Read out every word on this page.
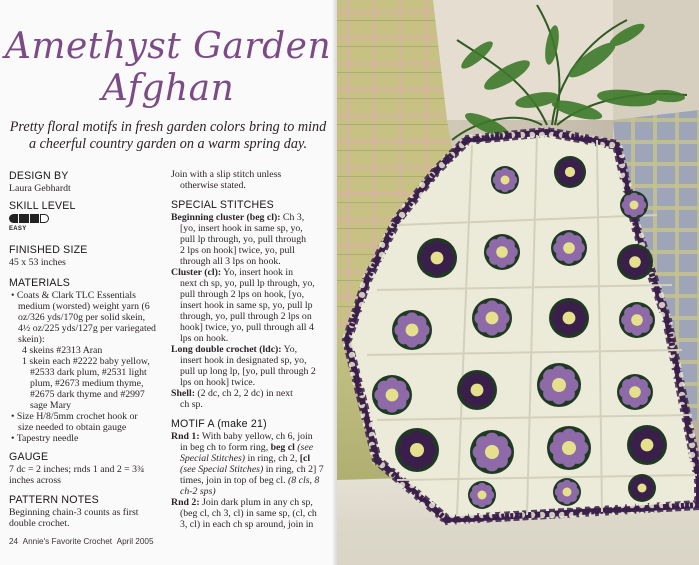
Amethyst Garden
Afghan
Pretty floral motifs in fresh garden colors bring to mind
a cheerful country garden on a warm spring day.
DESIGN BY
Laura Gebhardt
SKILL LEVEL
EASY
FINISHED SIZE
45 x 53 inches
MATERIALS
• Coats & Clark TLC Essentials
medium (worsted) weight yarn (6
oz/326 yds/170g per solid skein,
4½ oz/225 yds/127g per variegated
skein):
4 skeins #2313 Aran
1 skein each #2222 baby yellow,
#2533 dark plum, #2531 light
plum, #2673 medium thyme,
#2675 dark thyme and #2997
sage Mary
• Size H/8/5mm crochet hook or
size needed to obtain gauge
• Tapestry needle
GAUGE
7 dc = 2 inches; rnds 1 and 2 = 3¾
inches across
PATTERN NOTES
Beginning chain-3 counts as first
double crochet.
Join with a slip stitch unless
otherwise stated.
SPECIAL STITCHES
Beginning cluster (beg cl): Ch 3,
[yo, insert hook in same sp, yo,
pull lp through, yo, pull through
2 lps on hook] twice, yo, pull
through all 3 lps on hook.
Cluster (cl): Yo, insert hook in
next ch sp, yo, pull lp through, yo,
pull through 2 lps on hook, [yo,
insert hook in same sp, yo, pull lp
through, yo, pull through 2 lps on
hook] twice, yo, pull through all 4
lps on hook.
Long double crochet (ldc): Yo,
insert hook in designated sp, yo,
pull up long lp, [yo, pull through 2
lps on hook] twice.
Shell: (2 dc, ch 2, 2 dc) in next
ch sp.
MOTIF A (make 21)
Rnd 1: With baby yellow, ch 6, join
in beg ch to form ring, beg cl (see
Special Stitches) in ring, ch 2, [cl
(see Special Stitches) in ring, ch 2] 7
times, join in top of beg cl. (8 cls, 8
ch-2 sps)
Rnd 2: Join dark plum in any ch sp,
(beg cl, ch 3, cl) in same sp, (cl, ch
3, cl) in each ch sp around, join in
24 Annie's Favorite Crochet April 2005
